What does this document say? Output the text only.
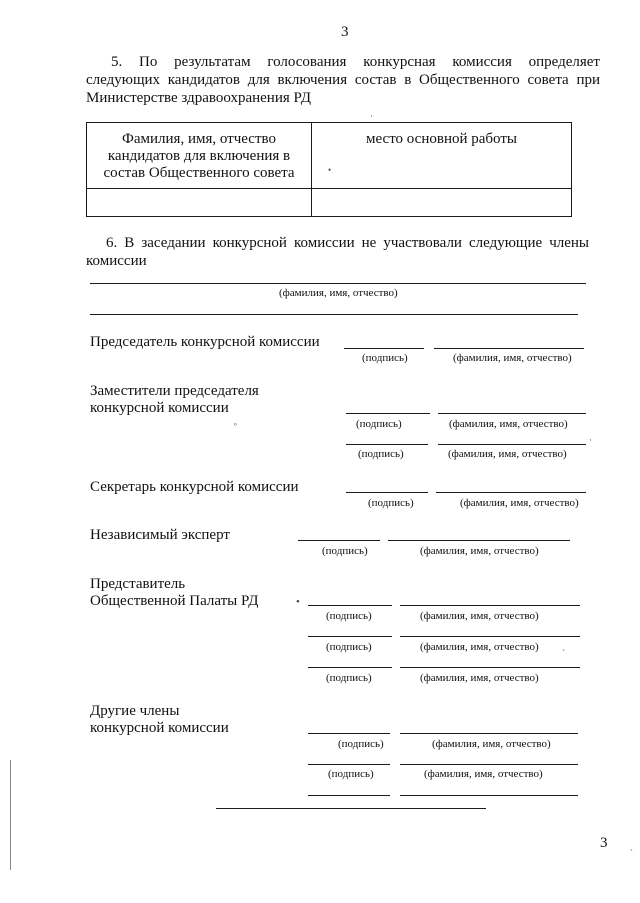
3
5. По результатам голосования конкурсная комиссия определяет
следующих кандидатов для включения состав в Общественного совета при
Министерстве здравоохранения РД
·
Фамилия, имя, отчество
кандидатов для включения в
состав Общественного совета	место основной работы

•
6. В заседании конкурсной комиссии не участвовали следующие члены
комиссии
(фамилия, имя, отчество)
Председатель конкурсной комиссии
(подпись)	(фамилия, имя, отчество)
Заместители председателя
конкурсной комиссии
ᵒ	(подпись)	(фамилия, имя, отчество)
·
(подпись)	(фамилия, имя, отчество)
Секретарь конкурсной комиссии
(подпись)	(фамилия, имя, отчество)
Независимый эксперт
(подпись)	(фамилия, имя, отчество)
Представитель
Общественной Палаты РД	•
(подпись)	(фамилия, имя, отчество)
(подпись)	(фамилия, имя, отчество)	ˏ
(подпись)	(фамилия, имя, отчество)
Другие члены
конкурсной комиссии
(подпись)	(фамилия, имя, отчество)
(подпись)	(фамилия, имя, отчество)
ˎ
3
